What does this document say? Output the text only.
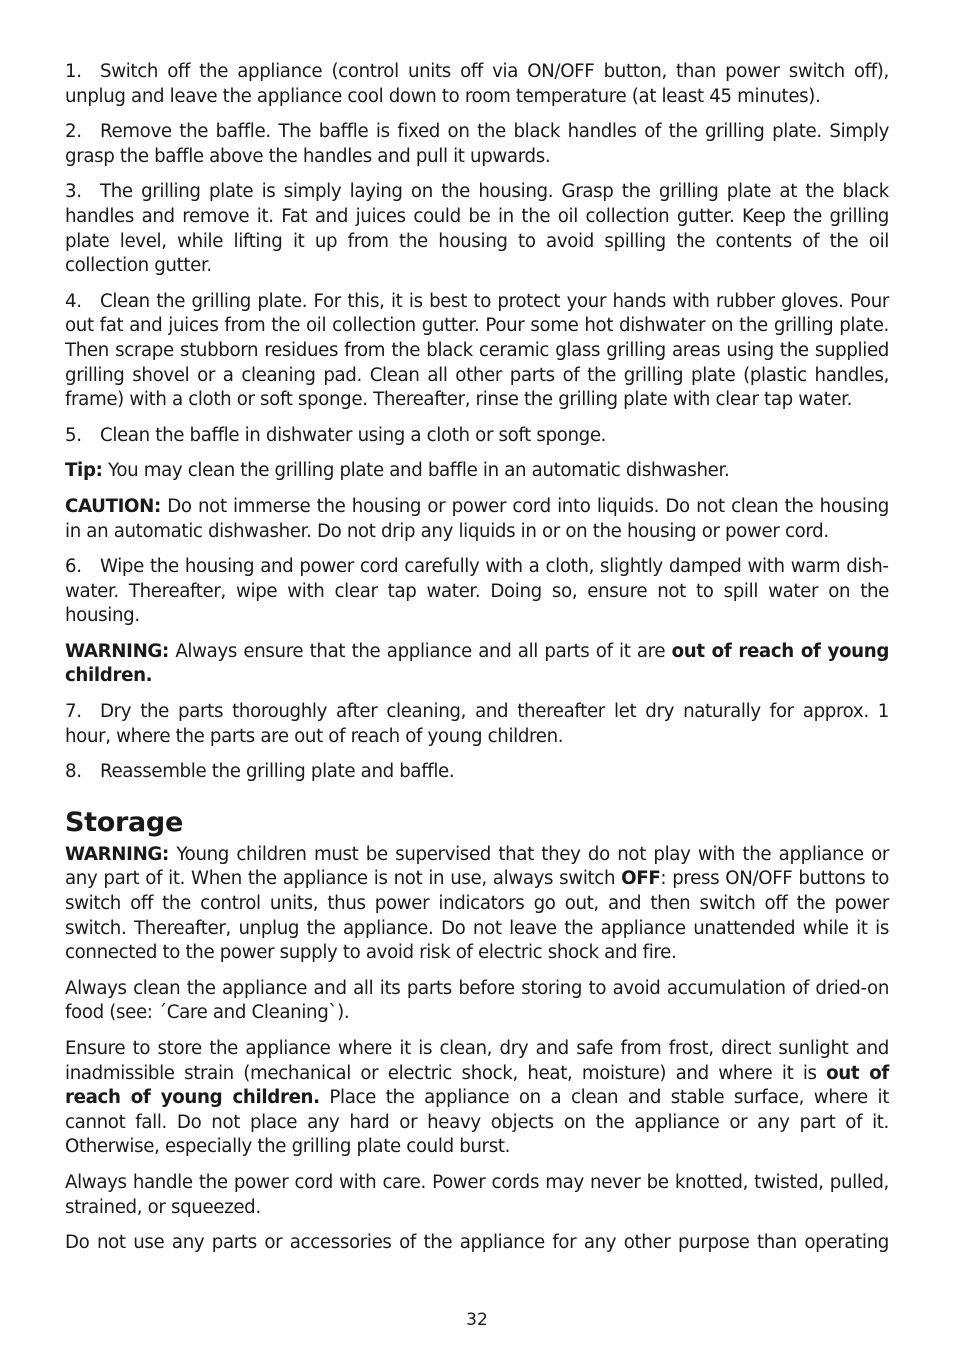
1. Switch off the appliance (control units off via ON/OFF button, than power switch off), unplug and leave the appliance cool down to room temperature (at least 45 minutes).

2. Remove the baffle. The baffle is fixed on the black handles of the grilling plate. Simply grasp the baffle above the handles and pull it upwards.

3. The grilling plate is simply laying on the housing. Grasp the grilling plate at the black handles and remove it. Fat and juices could be in the oil collection gutter. Keep the grilling plate level, while lifting it up from the housing to avoid spilling the contents of the oil collection gutter.

4. Clean the grilling plate. For this, it is best to protect your hands with rubber gloves. Pour out fat and juices from the oil collection gutter. Pour some hot dishwater on the grilling plate. Then scrape stubborn residues from the black ceramic glass grilling areas using the supplied grilling shovel or a cleaning pad. Clean all other parts of the grilling plate (plastic handles, frame) with a cloth or soft sponge. Thereafter, rinse the grilling plate with clear tap water.

5. Clean the baffle in dishwater using a cloth or soft sponge.

Tip: You may clean the grilling plate and baffle in an automatic dishwasher.

CAUTION: Do not immerse the housing or power cord into liquids. Do not clean the housing in an automatic dishwasher. Do not drip any liquids in or on the housing or power cord.

6. Wipe the housing and power cord carefully with a cloth, slightly damped with warm dishwater. Thereafter, wipe with clear tap water. Doing so, ensure not to spill water on the housing.

WARNING: Always ensure that the appliance and all parts of it are out of reach of young children.

7. Dry the parts thoroughly after cleaning, and thereafter let dry naturally for approx. 1 hour, where the parts are out of reach of young children.

8. Reassemble the grilling plate and baffle.

Storage

WARNING: Young children must be supervised that they do not play with the appliance or any part of it. When the appliance is not in use, always switch OFF: press ON/OFF buttons to switch off the control units, thus power indicators go out, and then switch off the power switch. Thereafter, unplug the appliance. Do not leave the appliance unattended while it is connected to the power supply to avoid risk of electric shock and fire.

Always clean the appliance and all its parts before storing to avoid accumulation of dried-on food (see: ´Care and Cleaning`).

Ensure to store the appliance where it is clean, dry and safe from frost, direct sunlight and inadmissible strain (mechanical or electric shock, heat, moisture) and where it is out of reach of young children. Place the appliance on a clean and stable surface, where it cannot fall. Do not place any hard or heavy objects on the appliance or any part of it. Otherwise, especially the grilling plate could burst.

Always handle the power cord with care. Power cords may never be knotted, twisted, pulled, strained, or squeezed.

Do not use any parts or accessories of the appliance for any other purpose than operating

32
